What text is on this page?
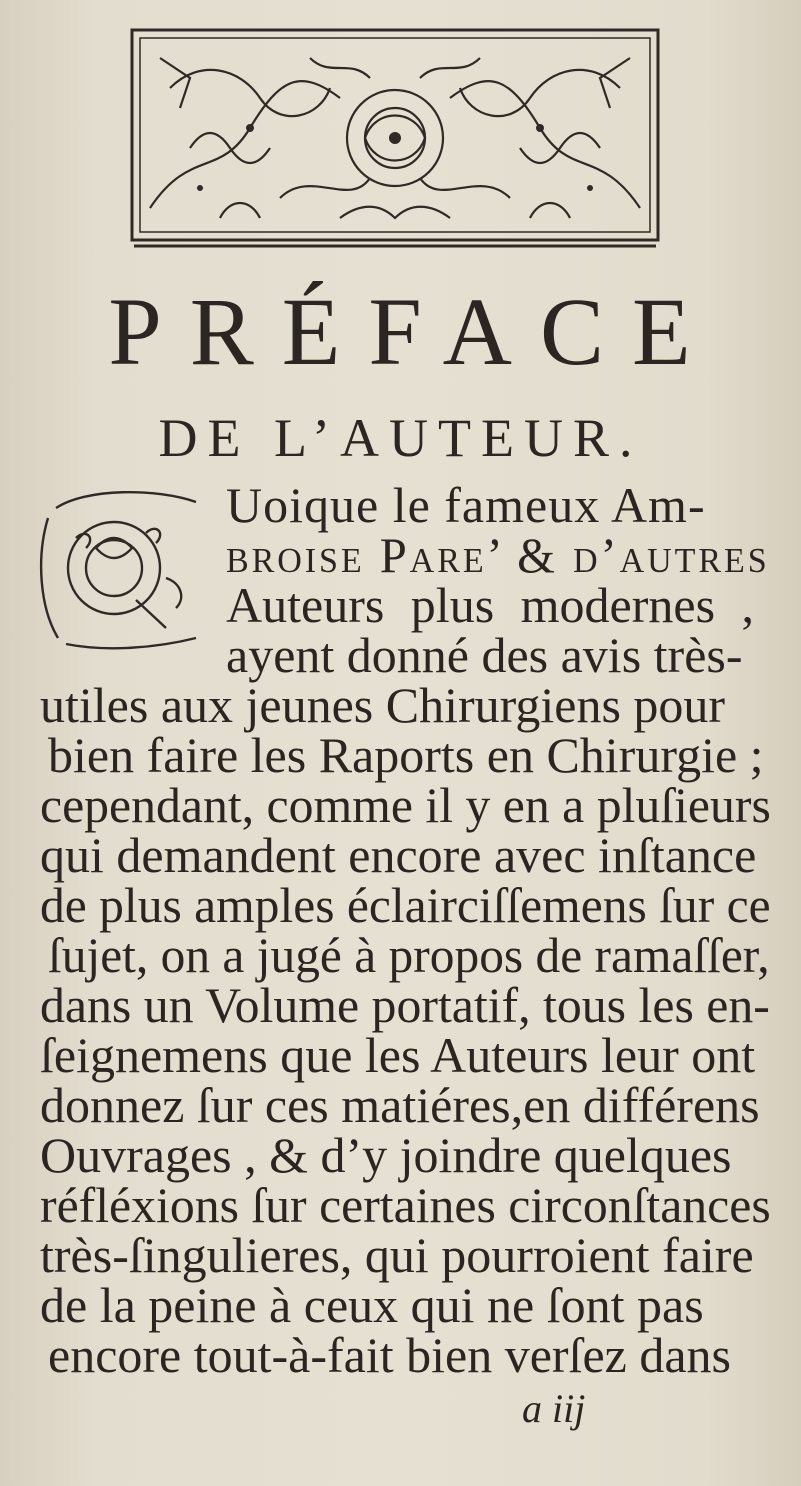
PRÉFACE
DE L’AUTEUR.
Uoique le fameux Am-
broise Pare’ & d’autres
Auteurs plus modernes ,
ayent donné des avis très-
utiles aux jeunes Chirurgiens pour
bien faire les Raports en Chirurgie ;
cependant, comme il y en a pluſieurs
qui demandent encore avec inſtance
de plus amples éclairciſſemens ſur ce
ſujet, on a jugé à propos de ramaſſer,
dans un Volume portatif, tous les en-
ſeignemens que les Auteurs leur ont
donnez ſur ces matiéres,en différens
Ouvrages , & d’y joindre quelques
réfléxions ſur certaines circonſtances
très-ſingulieres, qui pourroient faire
de la peine à ceux qui ne ſont pas
encore tout-à-fait bien verſez dans
a iij
